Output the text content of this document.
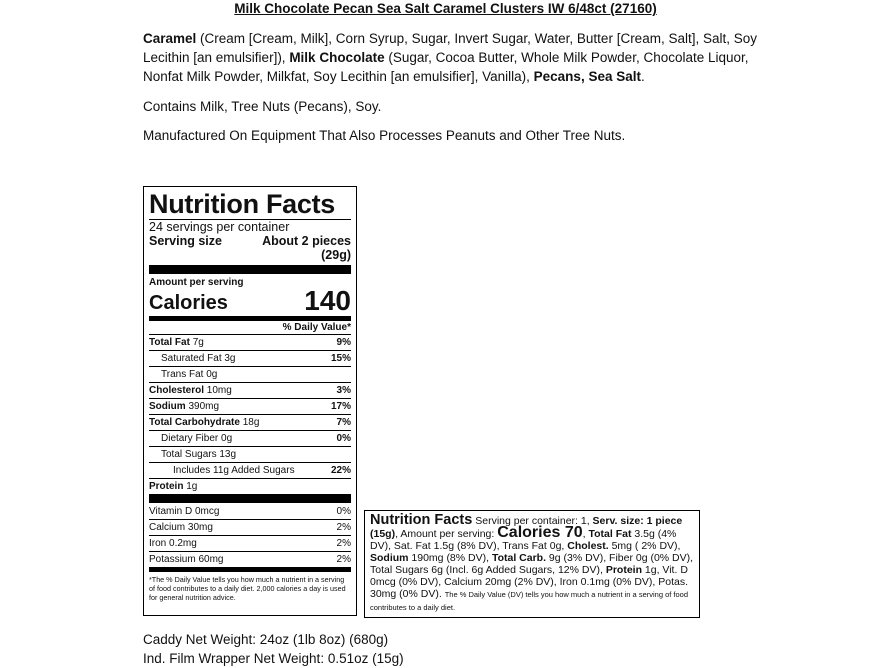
Milk Chocolate Pecan Sea Salt Caramel Clusters IW 6/48ct (27160)
Caramel (Cream [Cream, Milk], Corn Syrup, Sugar, Invert Sugar, Water, Butter [Cream, Salt], Salt, Soy Lecithin [an emulsifier]), Milk Chocolate (Sugar, Cocoa Butter, Whole Milk Powder, Chocolate Liquor, Nonfat Milk Powder, Milkfat, Soy Lecithin [an emulsifier], Vanilla), Pecans, Sea Salt.
Contains Milk, Tree Nuts (Pecans), Soy.
Manufactured On Equipment That Also Processes Peanuts and Other Tree Nuts.
Nutrition Facts
24 servings per container
Serving size	About 2 pieces
(29g)
Amount per serving
Calories	140
% Daily Value*
Total Fat 7g	9%
Saturated Fat 3g	15%
Trans Fat 0g
Cholesterol 10mg	3%
Sodium 390mg	17%
Total Carbohydrate 18g	7%
Dietary Fiber 0g	0%
Total Sugars 13g
Includes 11g Added Sugars	22%
Protein 1g
Vitamin D 0mcg	0%
Calcium 30mg	2%
Iron 0.2mg	2%
Potassium 60mg	2%
*The % Daily Value tells you how much a nutrient in a serving of food contributes to a daily diet. 2,000 calories a day is used for general nutrition advice.
Nutrition Facts Serving per container: 1, Serv. size: 1 piece (15g), Amount per serving: Calories 70, Total Fat 3.5g (4% DV), Sat. Fat 1.5g (8% DV), Trans Fat 0g, Cholest. 5mg ( 2% DV), Sodium 190mg (8% DV), Total Carb. 9g (3% DV), Fiber 0g (0% DV), Total Sugars 6g (Incl. 6g Added Sugars, 12% DV), Protein 1g, Vit. D 0mcg (0% DV), Calcium 20mg (2% DV), Iron 0.1mg (0% DV), Potas. 30mg (0% DV). The % Daily Value (DV) tells you how much a nutrient in a serving of food contributes to a daily diet.
Caddy Net Weight: 24oz (1lb 8oz) (680g)
Ind. Film Wrapper Net Weight: 0.51oz (15g)
